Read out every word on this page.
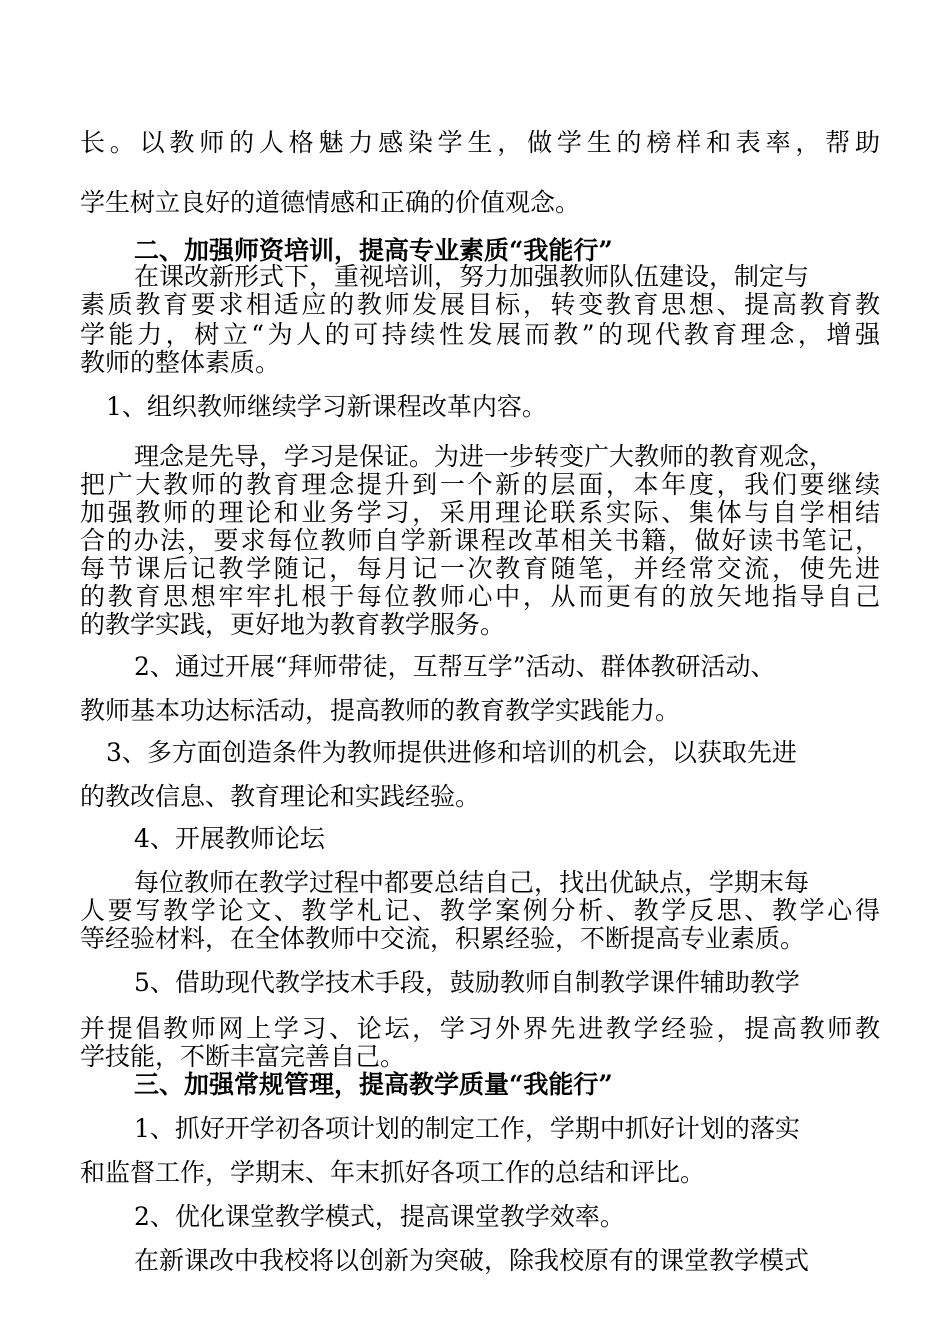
长。以教师的人格魅力感染学生，做学生的榜样和表率，帮助
学生树立良好的道德情感和正确的价值观念。
二、加强师资培训，提高专业素质“我能行”
在课改新形式下，重视培训，努力加强教师队伍建设，制定与
素质教育要求相适应的教师发展目标，转变教育思想、提高教育教
学能力，树立“为人的可持续性发展而教”的现代教育理念，增强
教师的整体素质。
1、组织教师继续学习新课程改革内容。
理念是先导，学习是保证。为进一步转变广大教师的教育观念，
把广大教师的教育理念提升到一个新的层面，本年度，我们要继续
加强教师的理论和业务学习，采用理论联系实际、集体与自学相结
合的办法，要求每位教师自学新课程改革相关书籍，做好读书笔记，
每节课后记教学随记，每月记一次教育随笔，并经常交流，使先进
的教育思想牢牢扎根于每位教师心中，从而更有的放矢地指导自己
的教学实践，更好地为教育教学服务。
2、通过开展“拜师带徒，互帮互学”活动、群体教研活动、
教师基本功达标活动，提高教师的教育教学实践能力。
3、多方面创造条件为教师提供进修和培训的机会，以获取先进
的教改信息、教育理论和实践经验。
4、开展教师论坛
每位教师在教学过程中都要总结自己，找出优缺点，学期末每
人要写教学论文、教学札记、教学案例分析、教学反思、教学心得
等经验材料，在全体教师中交流，积累经验，不断提高专业素质。
5、借助现代教学技术手段，鼓励教师自制教学课件辅助教学
并提倡教师网上学习、论坛，学习外界先进教学经验，提高教师教
学技能，不断丰富完善自己。
三、加强常规管理，提高教学质量“我能行”
1、抓好开学初各项计划的制定工作，学期中抓好计划的落实
和监督工作，学期末、年末抓好各项工作的总结和评比。
2、优化课堂教学模式，提高课堂教学效率。
在新课改中我校将以创新为突破，除我校原有的课堂教学模式
